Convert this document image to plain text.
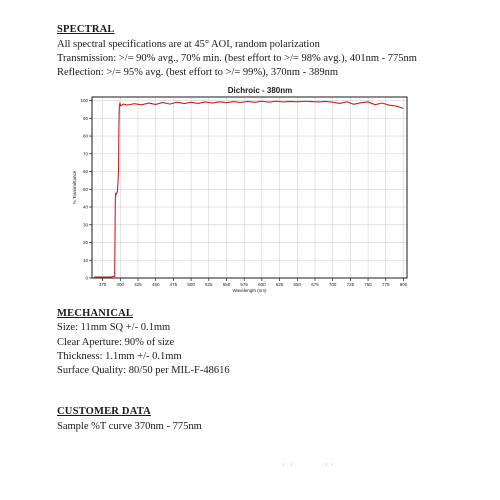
SPECTRAL
All spectral specifications are at 45° AOI, random polarization
Transmission: >/= 90% avg., 70% min. (best effort to >/= 98% avg.), 401nm - 775nm
Reflection: >/= 95% avg. (best effort to >/= 99%), 370nm - 389nm
Dichroic - 380nm
0
10
20
30
40
50
60
70
80
90
100
375 400 425 450 475 500 525 550 575 600 625 650 675 700 725 750 775 800
Wavelength (nm)
% Transmittance
MECHANICAL
Size: 11mm SQ +/- 0.1mm
Clear Aperture: 90% of size
Thickness: 1.1mm +/- 0.1mm
Surface Quality: 80/50 per MIL-F-48616
CUSTOMER DATA
Sample %T curve 370nm - 775nm
'   '                 '  '
